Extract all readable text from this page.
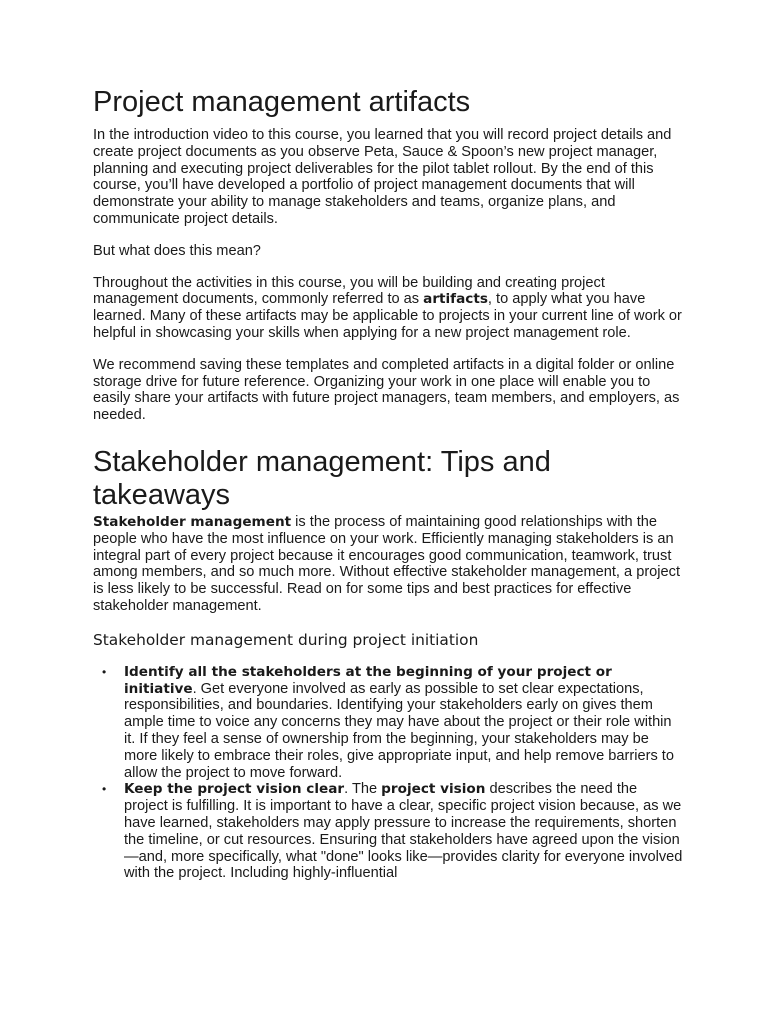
Project management artifacts

In the introduction video to this course, you learned that you will record project details and create project documents as you observe Peta, Sauce & Spoon’s new project manager, planning and executing project deliverables for the pilot tablet rollout. By the end of this course, you’ll have developed a portfolio of project management documents that will demonstrate your ability to manage stakeholders and teams, organize plans, and communicate project details.

But what does this mean?

Throughout the activities in this course, you will be building and creating project management documents, commonly referred to as artifacts, to apply what you have learned. Many of these artifacts may be applicable to projects in your current line of work or helpful in showcasing your skills when applying for a new project management role.

We recommend saving these templates and completed artifacts in a digital folder or online storage drive for future reference. Organizing your work in one place will enable you to easily share your artifacts with future project managers, team members, and employers, as needed.

Stakeholder management: Tips and takeaways

Stakeholder management is the process of maintaining good relationships with the people who have the most influence on your work. Efficiently managing stakeholders is an integral part of every project because it encourages good communication, teamwork, trust among members, and so much more. Without effective stakeholder management, a project is less likely to be successful. Read on for some tips and best practices for effective stakeholder management.

Stakeholder management during project initiation
• Identify all the stakeholders at the beginning of your project or initiative. Get everyone involved as early as possible to set clear expectations, responsibilities, and boundaries. Identifying your stakeholders early on gives them ample time to voice any concerns they may have about the project or their role within it. If they feel a sense of ownership from the beginning, your stakeholders may be more likely to embrace their roles, give appropriate input, and help remove barriers to allow the project to move forward.
• Keep the project vision clear. The project vision describes the need the project is fulfilling. It is important to have a clear, specific project vision because, as we have learned, stakeholders may apply pressure to increase the requirements, shorten the timeline, or cut resources. Ensuring that stakeholders have agreed upon the vision—and, more specifically, what "done" looks like—provides clarity for everyone involved with the project. Including highly-influential
